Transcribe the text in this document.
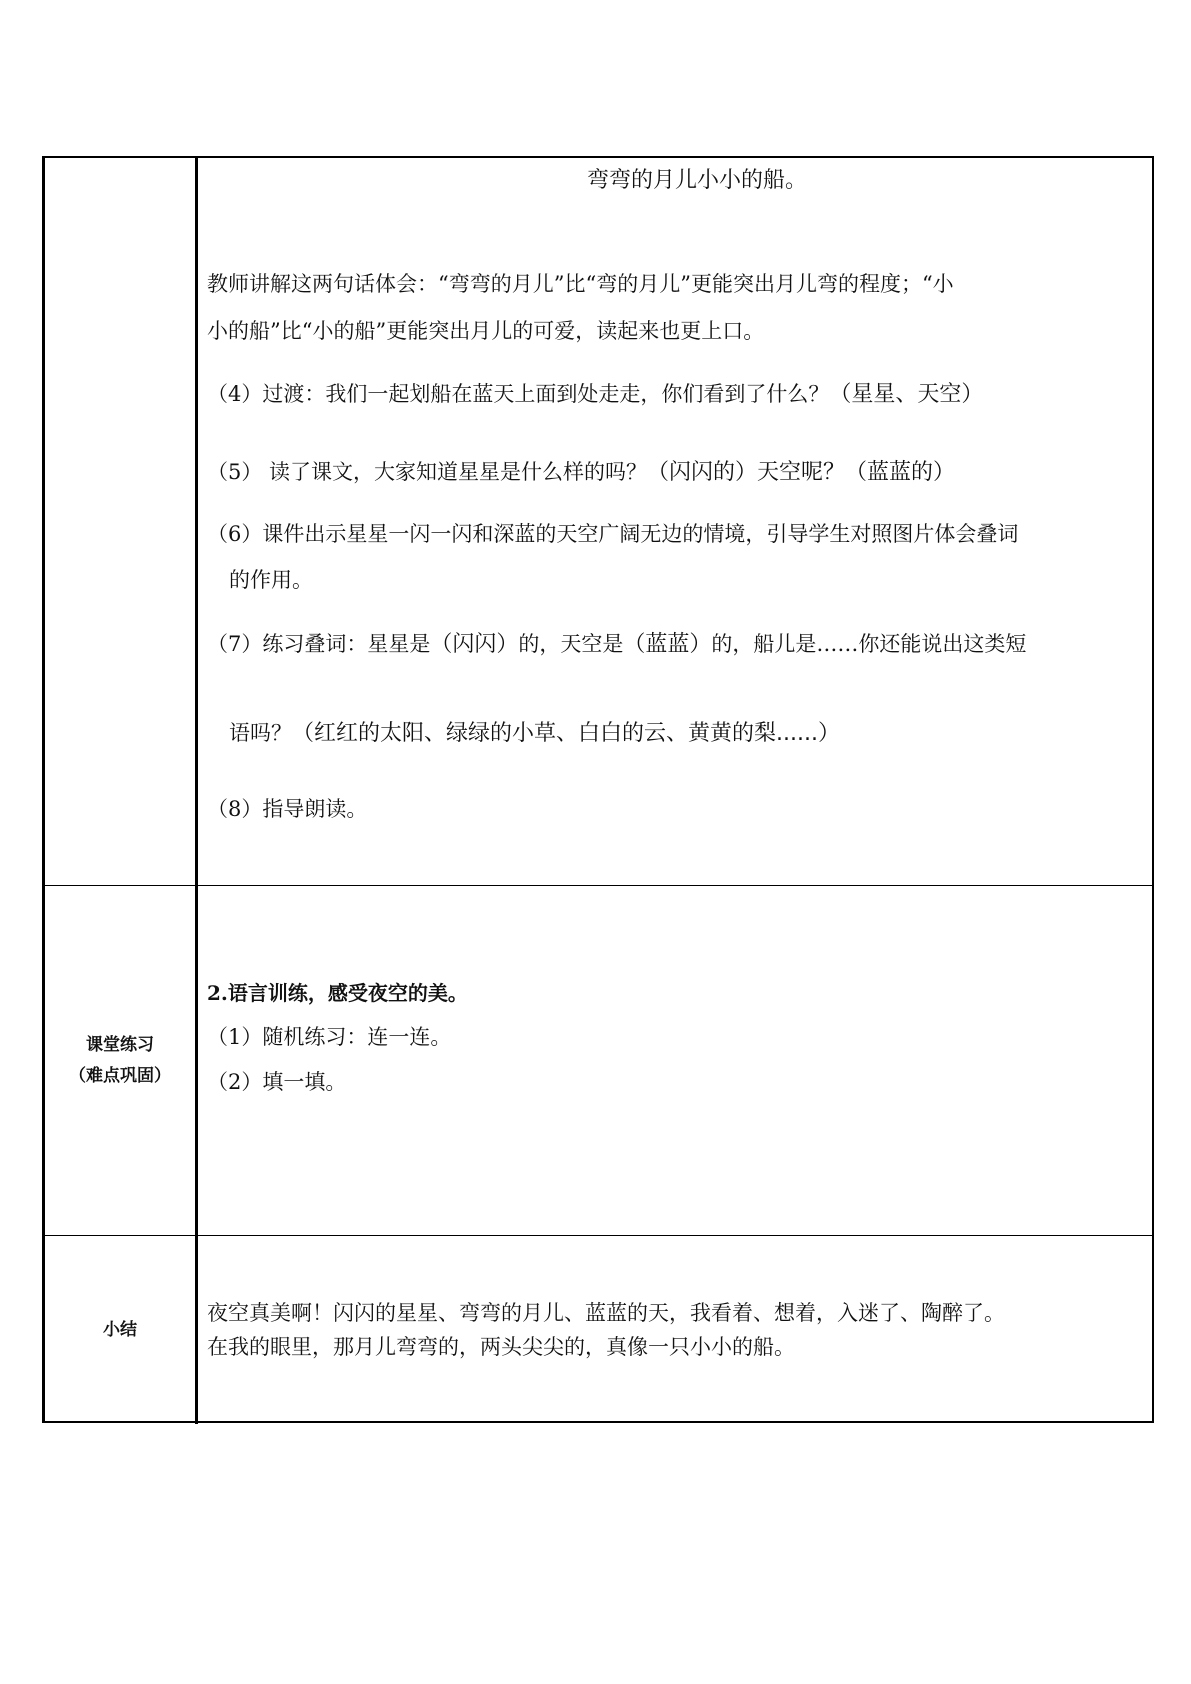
弯弯的月儿小小的船。
教师讲解这两句话体会：“弯弯的月儿”比“弯的月儿”更能突出月儿弯的程度；“小
小的船”比“小的船”更能突出月儿的可爱，读起来也更上口。
（4）过渡：我们一起划船在蓝天上面到处走走，你们看到了什么？（星星、天空）
（5） 读了课文，大家知道星星是什么样的吗？（闪闪的）天空呢？（蓝蓝的）
（6）课件出示星星一闪一闪和深蓝的天空广阔无边的情境，引导学生对照图片体会叠词
的作用。
（7）练习叠词：星星是（闪闪）的，天空是（蓝蓝）的，船儿是……你还能说出这类短
语吗？（红红的太阳、绿绿的小草、白白的云、黄黄的梨......）
（8）指导朗读。
课堂练习
（难点巩固）
2.语言训练，感受夜空的美。
（1）随机练习：连一连。
（2）填一填。
小结
夜空真美啊！闪闪的星星、弯弯的月儿、蓝蓝的天，我看着、想着，入迷了、陶醉了。
在我的眼里，那月儿弯弯的，两头尖尖的，真像一只小小的船。
